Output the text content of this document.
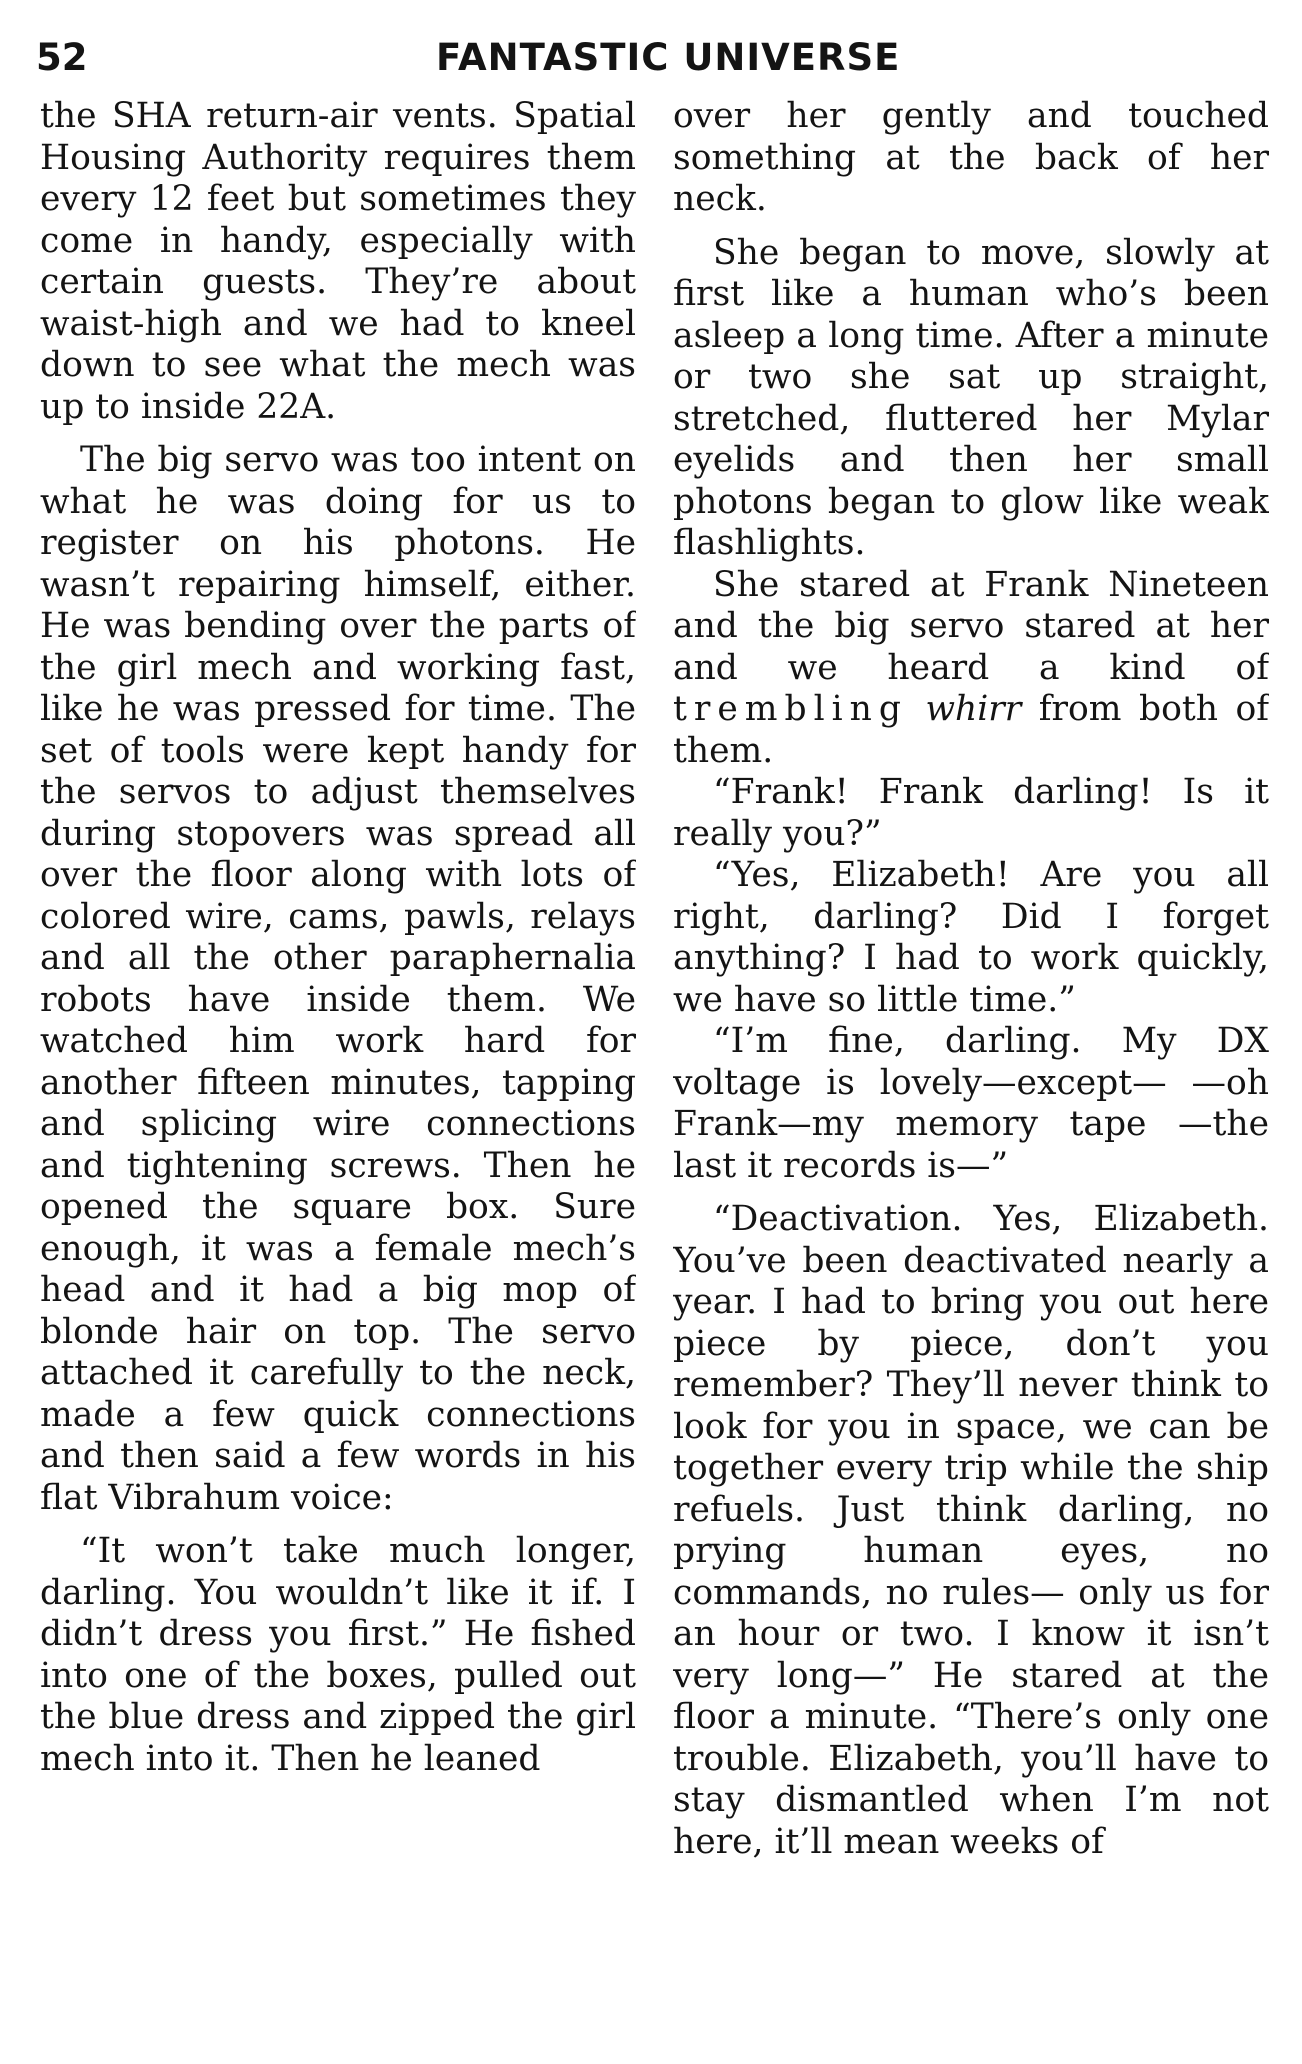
52	FANTASTIC UNIVERSE

the SHA return-air vents. Spatial Housing Authority requires them every 12 feet but sometimes they come in handy, especially with certain guests. They’re about waist-high and we had to kneel down to see what the mech was up to inside 22A.

The big servo was too intent on what he was doing for us to register on his photons. He wasn’t repairing himself, either. He was bending over the parts of the girl mech and working fast, like he was pressed for time. The set of tools were kept handy for the servos to adjust themselves during stopovers was spread all over the floor along with lots of colored wire, cams, pawls, relays and all the other paraphernalia robots have inside them. We watched him work hard for another fifteen minutes, tapping and splicing wire connections and tightening screws. Then he opened the square box. Sure enough, it was a female mech’s head and it had a big mop of blonde hair on top. The servo attached it carefully to the neck, made a few quick connections and then said a few words in his flat Vibrahum voice:

“It won’t take much longer, darling. You wouldn’t like it if. I didn’t dress you first.” He fished into one of the boxes, pulled out the blue dress and zipped the girl mech into it. Then he leaned

over her gently and touched something at the back of her neck.

She began to move, slowly at first like a human who’s been asleep a long time. After a minute or two she sat up straight, stretched, fluttered her Mylar eyelids and then her small photons began to glow like weak flashlights.

She stared at Frank Nineteen and the big servo stared at her and we heard a kind of trembling whirr from both of them.

“Frank! Frank darling! Is it really you?”

“Yes, Elizabeth! Are you all right, darling? Did I forget anything? I had to work quickly, we have so little time.”

“I’m fine, darling. My DX voltage is lovely—except— —oh Frank—my memory tape —the last it records is—”

“Deactivation. Yes, Elizabeth. You’ve been deactivated nearly a year. I had to bring you out here piece by piece, don’t you remember? They’ll never think to look for you in space, we can be together every trip while the ship refuels. Just think darling, no prying human eyes, no commands, no rules— only us for an hour or two. I know it isn’t very long—” He stared at the floor a minute. “There’s only one trouble. Elizabeth, you’ll have to stay dismantled when I’m not here, it’ll mean weeks of
